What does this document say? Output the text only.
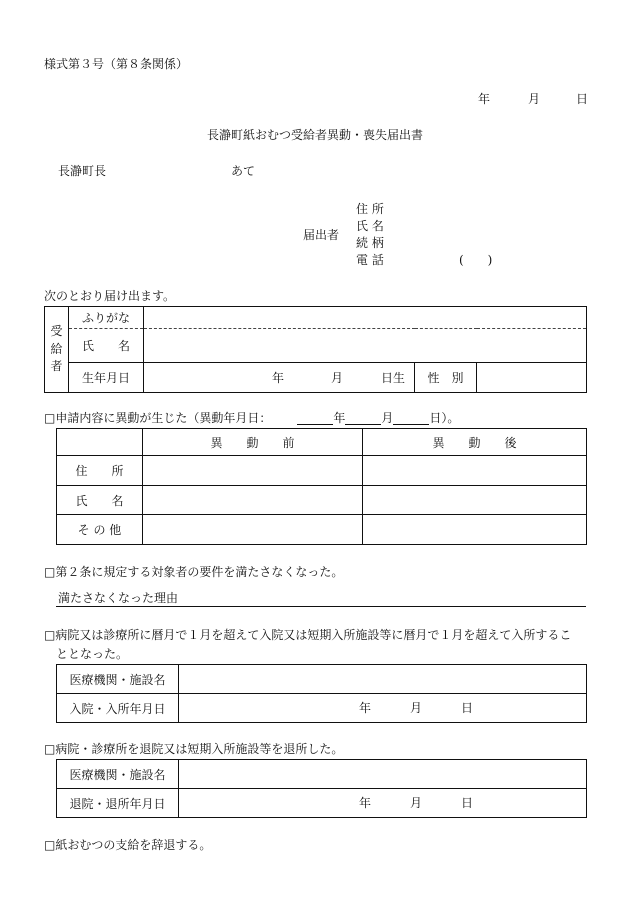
様式第３号（第８条関係）
年	月	日
長瀞町紙おむつ受給者異動・喪失届出書
長瀞町長	あて
届出者
住 所
氏 名
続 柄
電 話	(　　)
次のとおり届け出ます。
受
給
者	ふりがな			
	氏　　名			
	生年月日	年 月 日生	性　別	
□申請内容に異動が生じた（異動年月日：	年	月	日）。
	異　　動　　前	異　　動　　後
住　　所		
氏　　名		
そ の 他		
□第２条に規定する対象者の要件を満たさなくなった。
満たさなくなった理由
□病院又は診療所に暦月で１月を超えて入院又は短期入所施設等に暦月で１月を超えて入所するこ
ととなった。
医療機関・施設名	
入院・入所年月日	年 月 日
□病院・診療所を退院又は短期入所施設等を退所した。
医療機関・施設名	
退院・退所年月日	年 月 日
□紙おむつの支給を辞退する。
